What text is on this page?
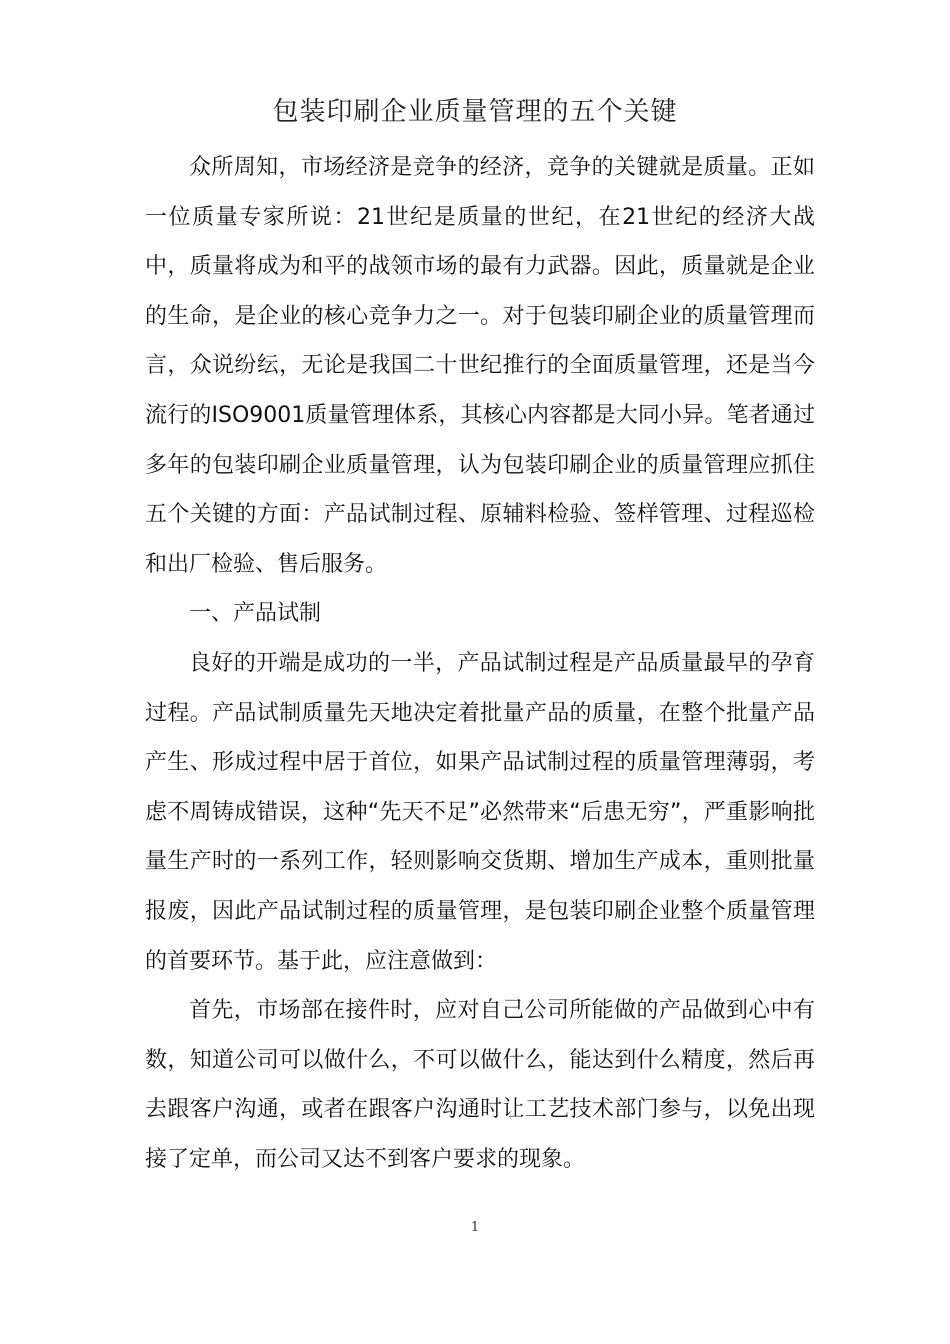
包装印刷企业质量管理的五个关键

众所周知，市场经济是竞争的经济，竞争的关键就是质量。正如一位质量专家所说：21世纪是质量的世纪，在21世纪的经济大战中，质量将成为和平的战领市场的最有力武器。因此，质量就是企业的生命，是企业的核心竞争力之一。对于包装印刷企业的质量管理而言，众说纷纭，无论是我国二十世纪推行的全面质量管理，还是当今流行的ISO9001质量管理体系，其核心内容都是大同小异。笔者通过多年的包装印刷企业质量管理，认为包装印刷企业的质量管理应抓住五个关键的方面：产品试制过程、原辅料检验、签样管理、过程巡检和出厂检验、售后服务。

一、产品试制

良好的开端是成功的一半，产品试制过程是产品质量最早的孕育过程。产品试制质量先天地决定着批量产品的质量，在整个批量产品产生、形成过程中居于首位，如果产品试制过程的质量管理薄弱，考虑不周铸成错误，这种“先天不足”必然带来“后患无穷”，严重影响批量生产时的一系列工作，轻则影响交货期、增加生产成本，重则批量报废，因此产品试制过程的质量管理，是包装印刷企业整个质量管理的首要环节。基于此，应注意做到：

首先，市场部在接件时，应对自己公司所能做的产品做到心中有数，知道公司可以做什么，不可以做什么，能达到什么精度，然后再去跟客户沟通，或者在跟客户沟通时让工艺技术部门参与，以免出现接了定单，而公司又达不到客户要求的现象。

1
